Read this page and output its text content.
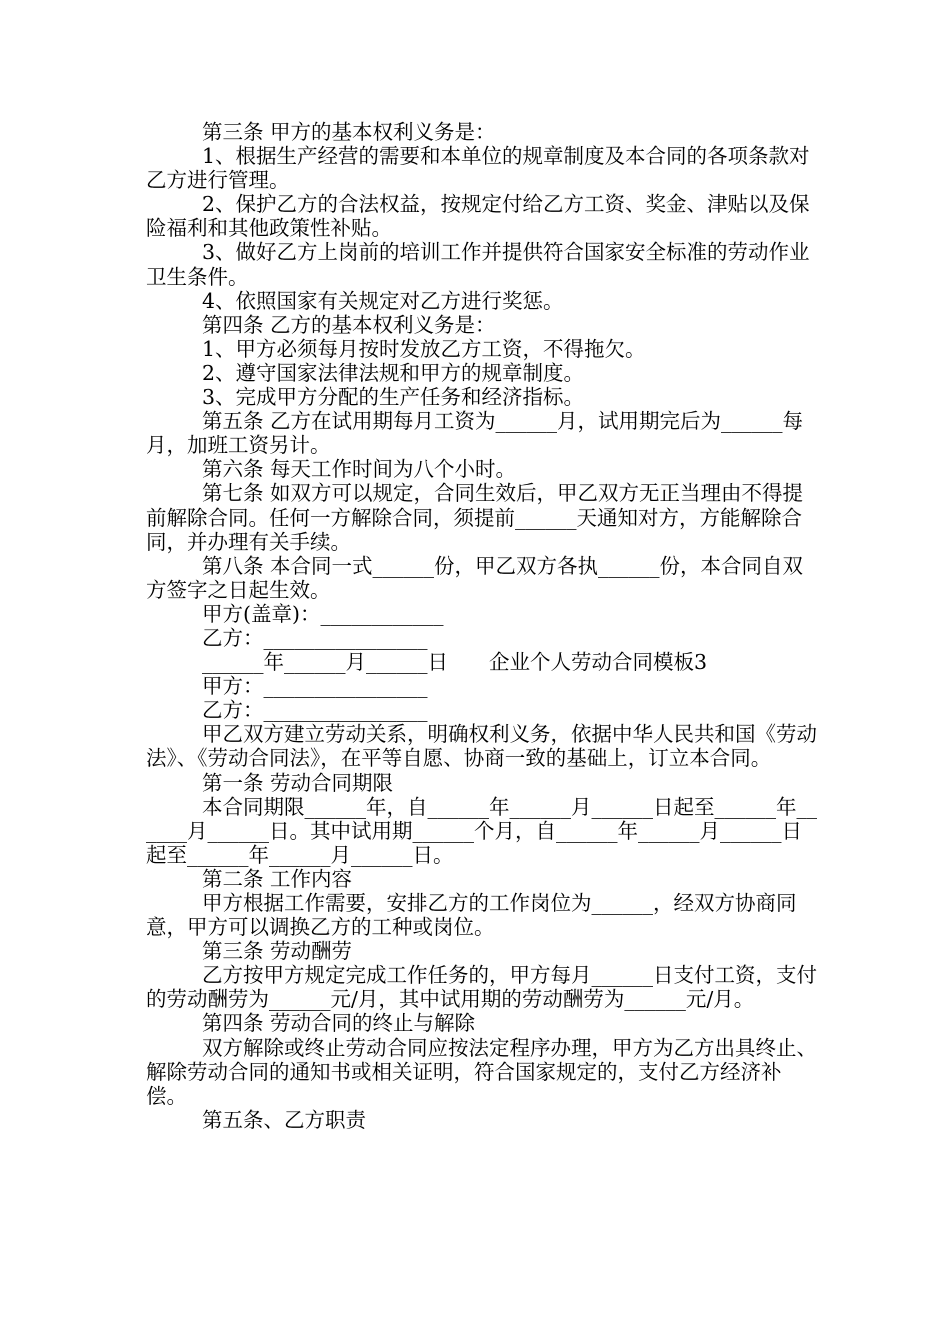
第三条 甲方的基本权利义务是：

1、根据生产经营的需要和本单位的规章制度及本合同的各项条款对乙方进行管理。

2、保护乙方的合法权益，按规定付给乙方工资、奖金、津贴以及保险福利和其他政策性补贴。

3、做好乙方上岗前的培训工作并提供符合国家安全标准的劳动作业卫生条件。

4、依照国家有关规定对乙方进行奖惩。

第四条 乙方的基本权利义务是：

1、甲方必须每月按时发放乙方工资，不得拖欠。

2、遵守国家法律法规和甲方的规章制度。

3、完成甲方分配的生产任务和经济指标。

第五条 乙方在试用期每月工资为______月，试用期完后为______每月，加班工资另计。

第六条 每天工作时间为八个小时。

第七条 如双方可以规定，合同生效后，甲乙双方无正当理由不得提前解除合同。任何一方解除合同，须提前______天通知对方，方能解除合同，并办理有关手续。

第八条 本合同一式______份，甲乙双方各执______份，本合同自双方签字之日起生效。

甲方(盖章)：____________

乙方：________________

______年______月______日　　企业个人劳动合同模板3

甲方：________________

乙方：________________

甲乙双方建立劳动关系，明确权利义务，依据中华人民共和国《劳动法》、《劳动合同法》，在平等自愿、协商一致的基础上，订立本合同。

第一条 劳动合同期限

本合同期限______年，自______年______月______日起至______年______月______日。其中试用期______个月，自______年______月______日起至______年______月______日。

第二条 工作内容

甲方根据工作需要，安排乙方的工作岗位为______，经双方协商同意，甲方可以调换乙方的工种或岗位。

第三条 劳动酬劳

乙方按甲方规定完成工作任务的，甲方每月______日支付工资，支付的劳动酬劳为______元/月，其中试用期的劳动酬劳为______元/月。

第四条 劳动合同的终止与解除

双方解除或终止劳动合同应按法定程序办理，甲方为乙方出具终止、解除劳动合同的通知书或相关证明，符合国家规定的，支付乙方经济补偿。

第五条、乙方职责
